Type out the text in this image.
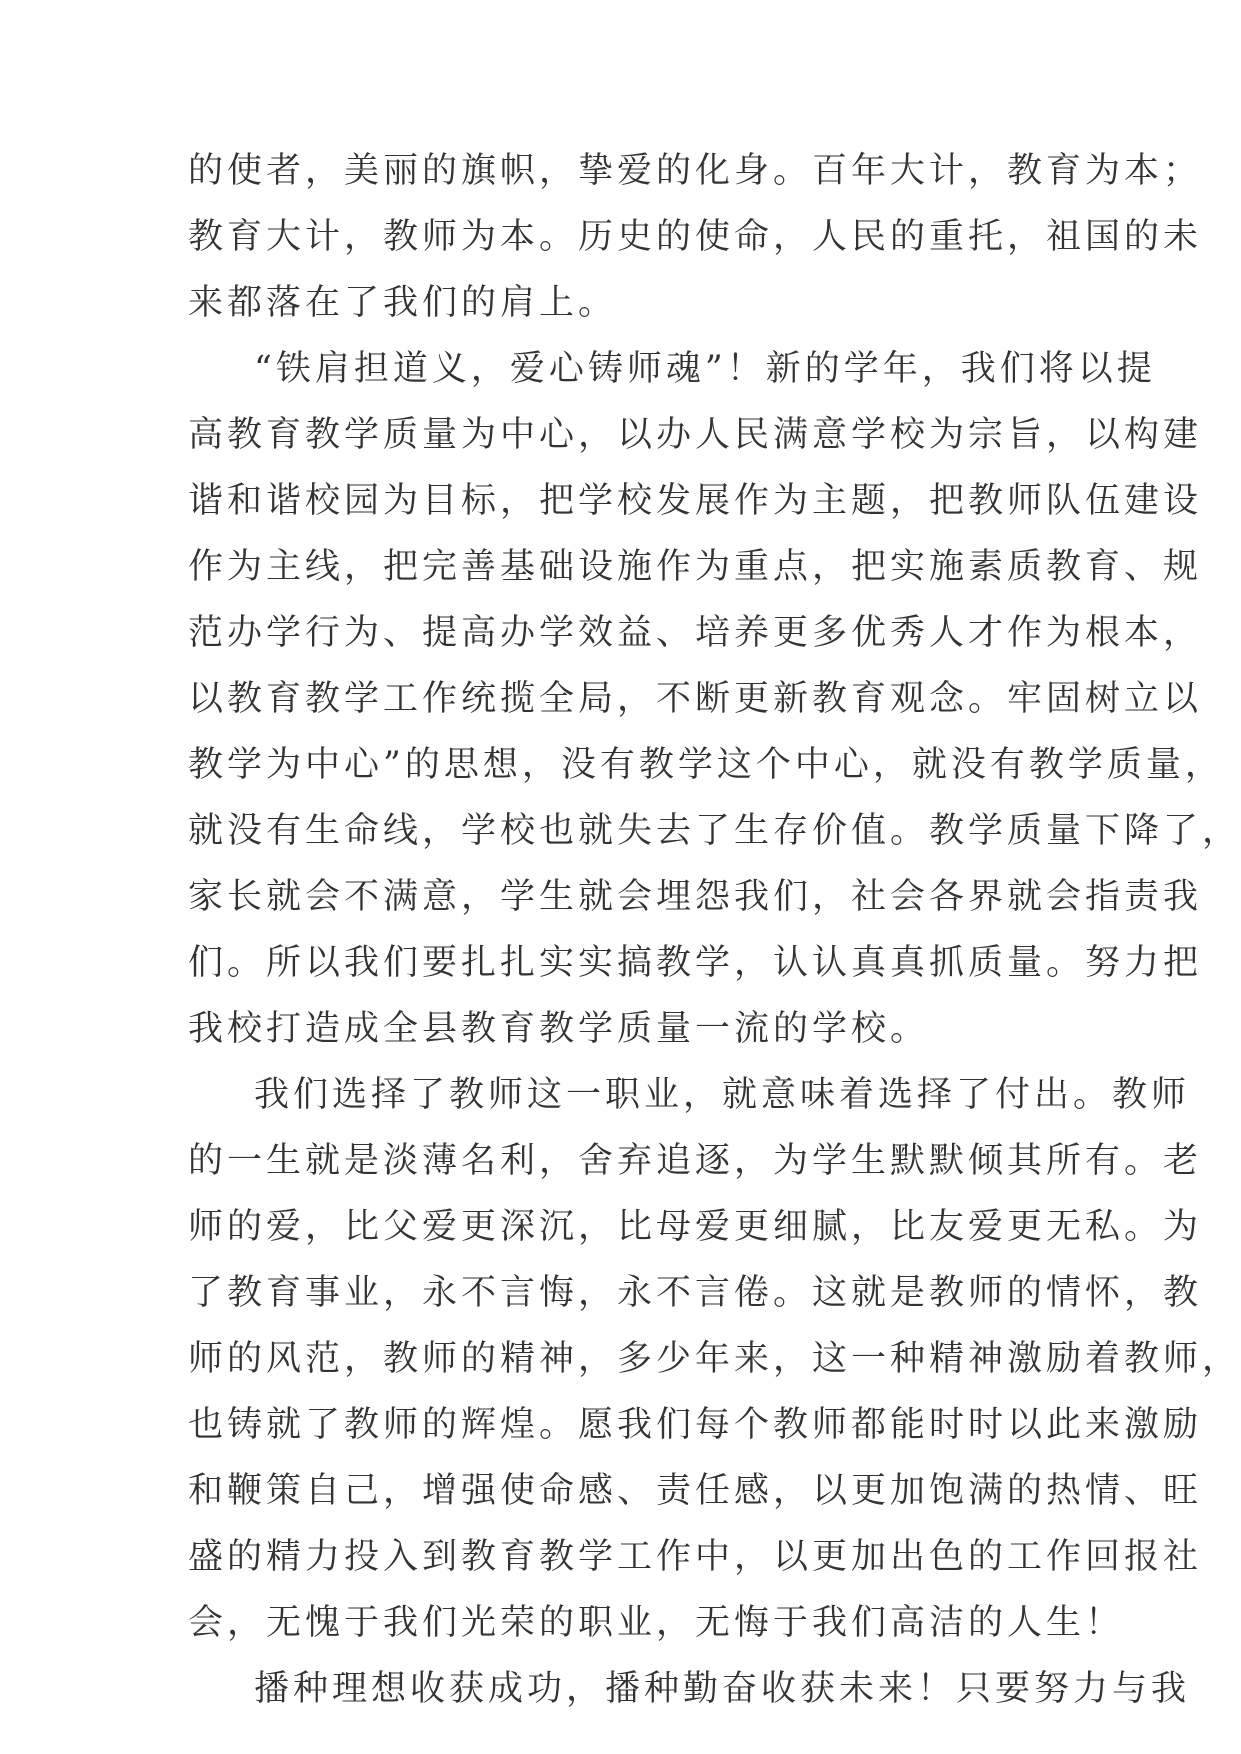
的使者，美丽的旗帜，挚爱的化身。百年大计，教育为本；
教育大计，教师为本。历史的使命，人民的重托，祖国的未
来都落在了我们的肩上。
“铁肩担道义，爱心铸师魂”！新的学年，我们将以提
高教育教学质量为中心，以办人民满意学校为宗旨，以构建
谐和谐校园为目标，把学校发展作为主题，把教师队伍建设
作为主线，把完善基础设施作为重点，把实施素质教育、规
范办学行为、提高办学效益、培养更多优秀人才作为根本，
以教育教学工作统揽全局，不断更新教育观念。牢固树立以
教学为中心”的思想，没有教学这个中心，就没有教学质量，
就没有生命线，学校也就失去了生存价值。教学质量下降了，
家长就会不满意，学生就会埋怨我们，社会各界就会指责我
们。所以我们要扎扎实实搞教学，认认真真抓质量。努力把
我校打造成全县教育教学质量一流的学校。
我们选择了教师这一职业，就意味着选择了付出。教师
的一生就是淡薄名利，舍弃追逐，为学生默默倾其所有。老
师的爱，比父爱更深沉，比母爱更细腻，比友爱更无私。为
了教育事业，永不言悔，永不言倦。这就是教师的情怀，教
师的风范，教师的精神，多少年来，这一种精神激励着教师，
也铸就了教师的辉煌。愿我们每个教师都能时时以此来激励
和鞭策自己，增强使命感、责任感，以更加饱满的热情、旺
盛的精力投入到教育教学工作中，以更加出色的工作回报社
会，无愧于我们光荣的职业，无悔于我们高洁的人生！
播种理想收获成功，播种勤奋收获未来！只要努力与我
